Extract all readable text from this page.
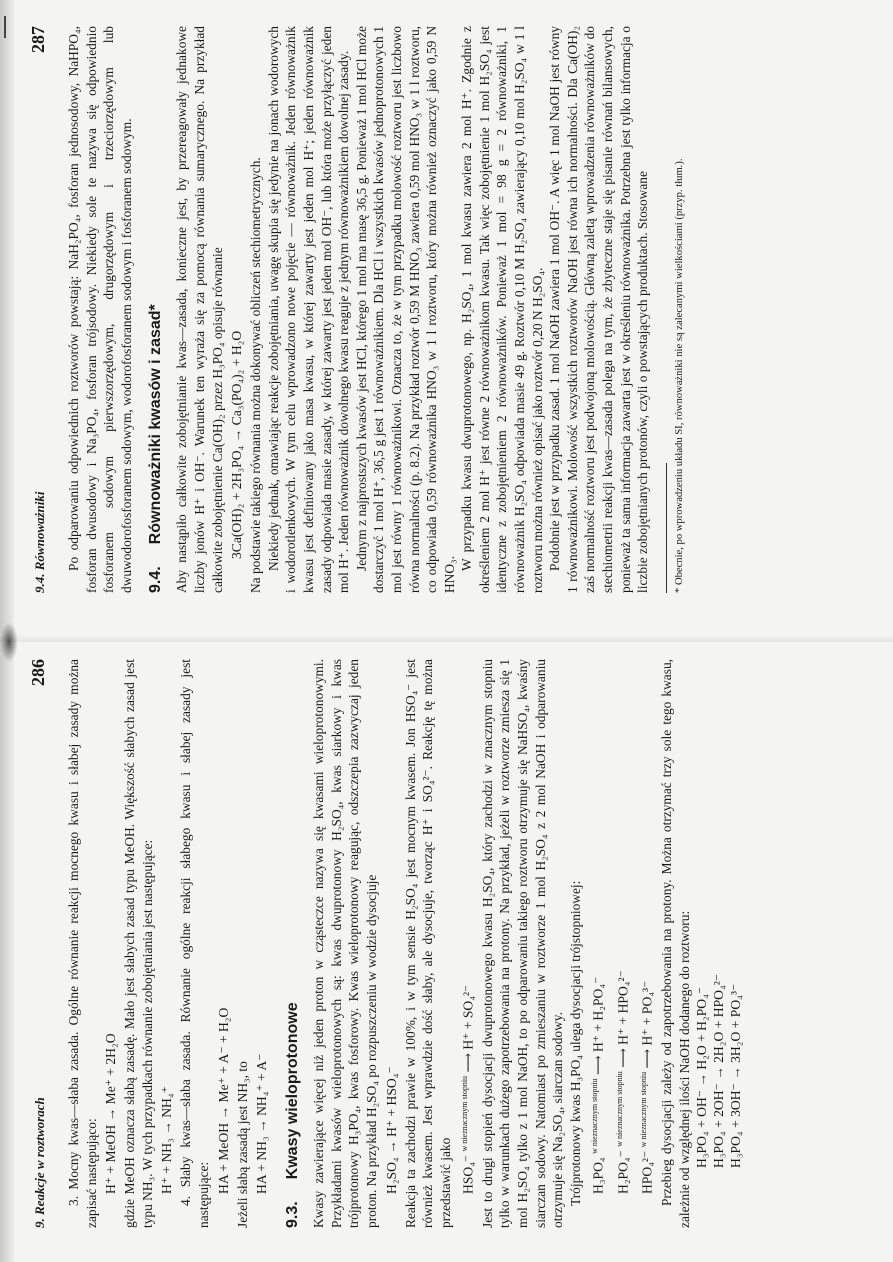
9. Reakcje w roztworach
286 3. Mocny kwas—słaba zasada. Ogólne równanie reakcji mocnego kwasu i słabej zasady można zapisać następująco: H⁺ + MeOH → Me⁺ + 2H₂O gdzie MeOH oznacza słabą zasadę. Mało jest słabych zasad typu MeOH. Większość słabych zasad jest typu NH₃. W tych przypadkach równanie zobojętniania jest następujące: H⁺ + NH₃ → NH₄⁺ 4. Słaby kwas—słaba zasada. Równanie ogólne reakcji słabego kwasu i słabej zasady jest następujące:

HA + MeOH → Me⁺ + A⁻ + H₂O Jeżeli słabą zasadą jest NH₃, to HA + NH₃ → NH₄⁺ + A⁻
9.3.
Kwasy wieloprotonowe Kwasy zawierające więcej niż jeden proton w cząsteczce nazywa się kwasami wieloprotonowymi. Przykładami kwasów wieloprotonowych są: kwas dwuprotonowy H₂SO₄, kwas siarkowy i kwas trójprotonowy H₃PO₄, kwas fosforowy. Kwas wieloprotonowy reagując, odszczepia zazwyczaj jeden proton. Na przykład H₂SO₄ po rozpuszczeniu w wodzie dysocjuje H₂SO₄ → H⁺ + HSO₄⁻ Reakcja ta zachodzi prawie w 100%, i w tym sensie H₂SO₄ jest mocnym kwasem. Jon HSO₄⁻ jest również kwasem. Jest wprawdzie dość słaby, ale dysocjuje, tworząc H⁺ i SO₄²⁻. Reakcję tę można przedstawić jako HSO₄⁻ $^{w nieznacznym stopniu}$ ⟶ H⁺ + SO₄²⁻ Jest to drugi stopień dysocjacji dwuprotonowego kwasu H₂SO₄, który zachodzi w znacznym stopniu tylko w warunkach dużego zapotrzebowania na protony. Na przykład, jeżeli w roztworze zmiesza się 1 mol H₂SO₄ tylko z 1 mol NaOH, to po odparowaniu takiego roztworu otrzymuje się NaHSO₄, kwaśny siarczan sodowy. Natomiast po zmieszaniu w roztworze 1 mol H₂SO₄ z 2 mol NaOH i odparowaniu otrzymuje się Na₂SO₄, siarczan sodowy. Trójprotonowy kwas H₃PO₄ ulega dysocjacji trójstopniowej: H₃PO₄ $^{w nieznacznym stopniu}$ ⟶ H⁺ + H₂PO₄⁻
H₂PO₄⁻ $^{w nieznacznym stopniu}$ ⟶ H⁺ + HPO₄²⁻
HPO₄²⁻ $^{w nieznacznym stopniu}$ ⟶ H⁺ + PO₄³⁻ Przebieg dysocjacji zależy od zapotrzebowania na protony. Można otrzymać trzy sole tego kwasu, zależnie od względnej ilości NaOH dodanego do roztworu: H₃PO₄ + OH⁻ → H₂O + H₂PO₄⁻ H₃PO₄ + 2OH⁻ → 2H₂O + HPO₄²⁻ H₃PO₄ + 3OH⁻ → 3H₂O + PO₄³⁻
9.4. Równoważniki
287 Po odparowaniu odpowiednich roztworów powstają: NaH₂PO₄, fosforan jednosodowy, NaHPO₄, fosforan dwusodowy i Na₃PO₄, fosforan trójsodowy. Niekiedy sole te nazywa się odpowiednio fosforanem sodowym pierwszorzędowym, drugorzędowym i trzeciorzędowym lub dwuwodorofosforanem sodowym, wodorofosforanem sodowym i fosforanem sodowym. 9.4.
Równoważniki kwasów i zasad* Aby nastąpiło całkowite zobojętnianie kwas—zasada, konieczne jest, by przereagowały jednakowe liczby jonów H⁺ i OH⁻. Warunek ten wyraża się za pomocą równania sumarycznego. Na przykład całkowite zobojętnienie Ca(OH)₂ przez H₃PO₄ opisuje równanie 3Ca(OH)₂ + 2H₃PO₄ → Ca₃(PO₄)₂ + H₂O Na podstawie takiego równania można dokonywać obliczeń stechiometrycznych. Niekiedy jednak, omawiając reakcje zobojętniania, uwagę skupia się jedynie na jonach wodorowych i wodorotlenkowych. W tym celu wprowadzono nowe pojęcie — równoważnik. Jeden równoważnik kwasu jest definiowany jako masa kwasu, w której zawarty jest jeden mol H⁺; jeden równoważnik zasady odpowiada masie zasady, w której zawarty jest jeden mol OH⁻, lub która może przyłączyć jeden mol H⁺. Jeden równoważnik dowolnego kwasu reaguje z jednym równoważnikiem dowolnej zasady. Jednym z najprostszych kwasów jest HCl, którego 1 mol ma masę 36,5 g. Ponieważ 1 mol HCl może dostarczyć 1 mol H⁺, 36,5 g jest 1 równoważnikiem. Dla HCl i wszystkich kwasów jednoprotonowych 1 mol jest równy 1 równoważnikowi. Oznacza to, że w tym przypadku molowość roztworu jest liczbowo równa normalności (p. 8.2). Na przykład roztwór 0,59 M HNO₃ zawiera 0,59 mol HNO₃ w 1 l roztworu, co odpowiada 0,59 równoważnika HNO₃ w 1 l roztworu, który można również oznaczyć jako 0,59 N HNO₃.

W przypadku kwasu dwuprotonowego, np. H₂SO₄, 1 mol kwasu zawiera 2 mol H⁺. Zgodnie z określeniem 2 mol H⁺ jest równe 2 równoważnikom kwasu. Tak więc zobojętnienie 1 mol H₂SO₄ jest identyczne z zobojętnieniem 2 równoważników. Ponieważ 1 mol = 98 g = 2 równoważniki, 1 równoważnik H₂SO₄ odpowiada masie 49 g. Roztwór 0,10 M H₂SO₄ zawierający 0,10 mol H₂SO₄ w 1 l roztworu można również opisać jako roztwór 0,20 N H₂SO₄. Podobnie jest w przypadku zasad. 1 mol NaOH zawiera 1 mol OH⁻. A więc 1 mol NaOH jest równy 1 równoważnikowi. Molowość wszystkich roztworów NaOH jest równa ich normalności. Dla Ca(OH)₂ zaś normalność roztworu jest podwojoną molowością. Główną zaletą wprowadzenia równoważników do stechiometrii reakcji kwas—zasada polega na tym, że zbyteczne staje się pisanie równań bilansowych, ponieważ ta sama informacja zawarta jest w określeniu równoważnika. Potrzebna jest tylko informacja o liczbie zobojętnianych protonów, czyli o powstających produktach. Stosowane * Obecnie, po wprowadzeniu układu SI, równoważniki nie są zalecanymi wielkościami (przyp. tłum.).
